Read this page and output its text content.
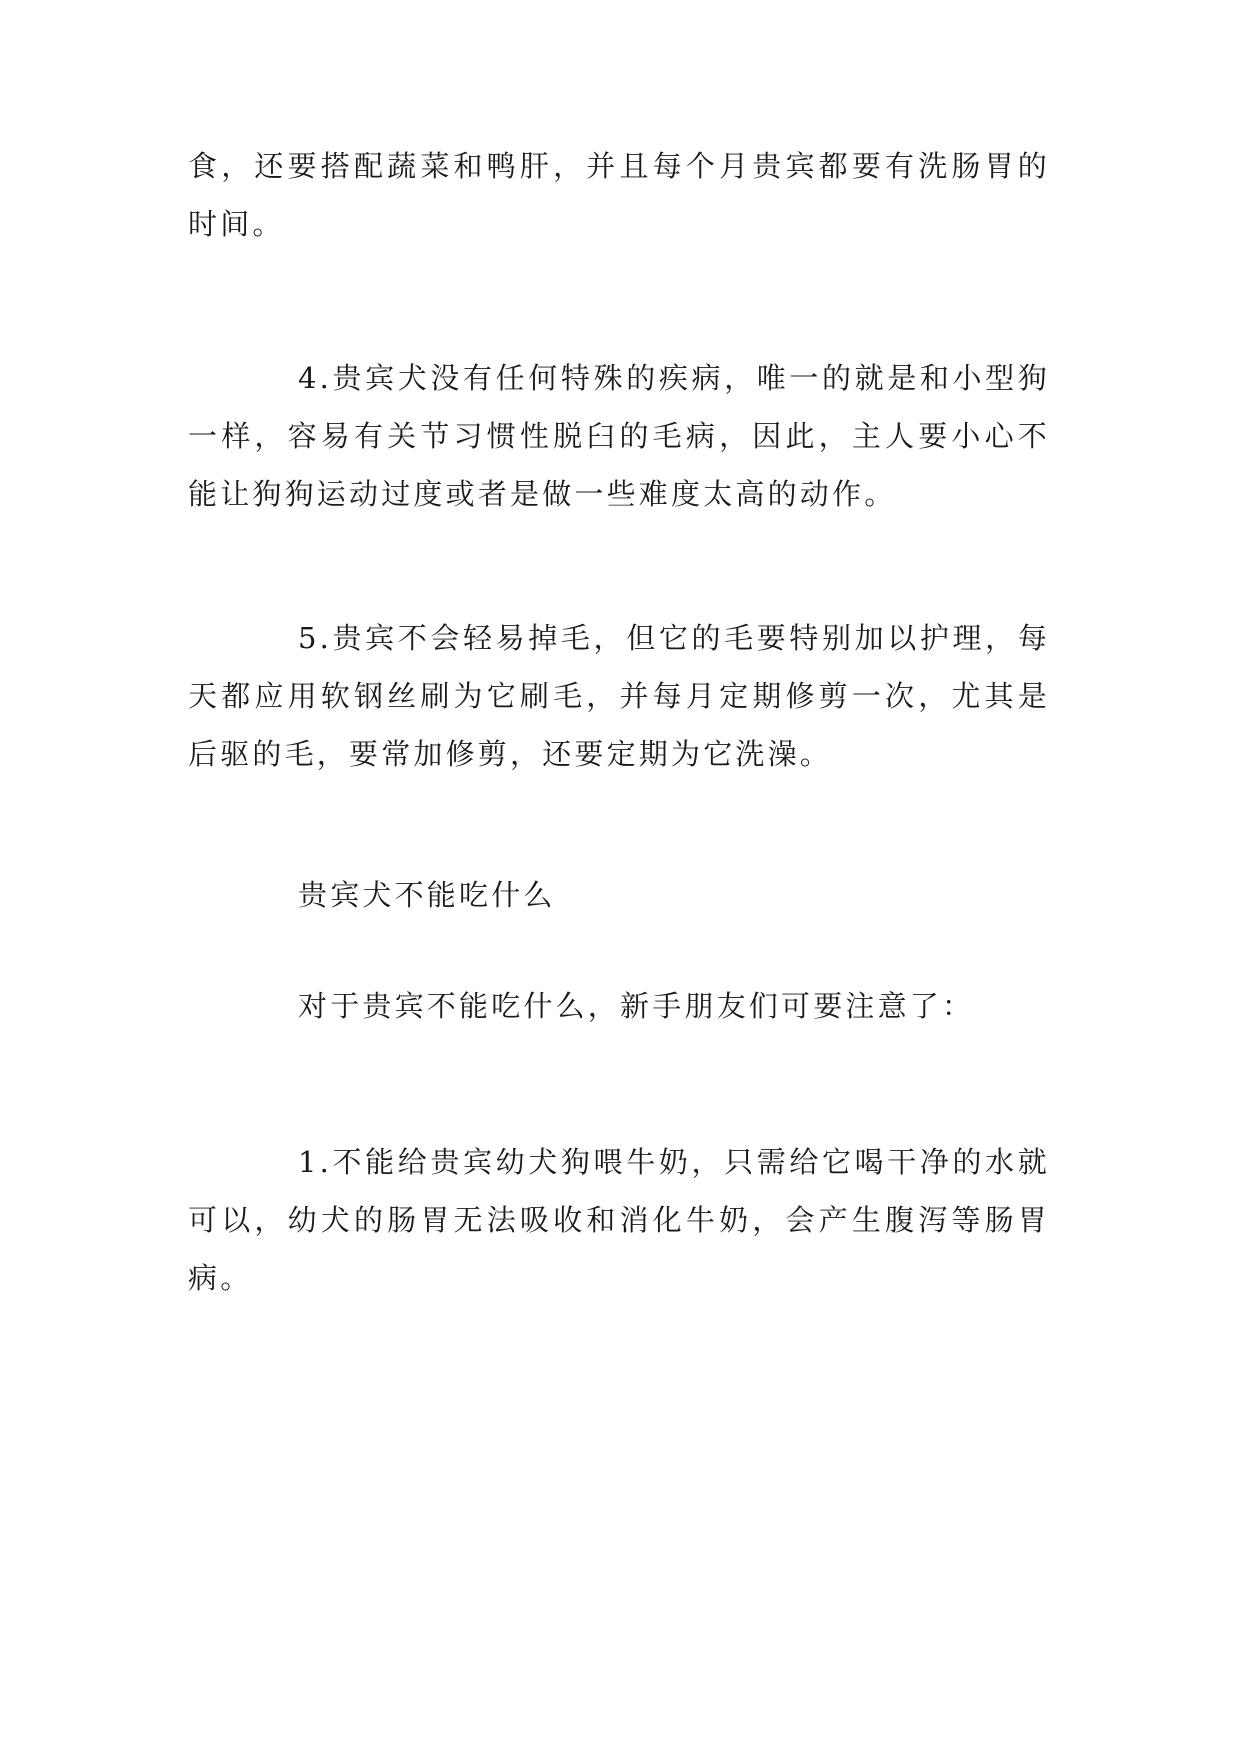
食，还要搭配蔬菜和鸭肝，并且每个月贵宾都要有洗肠胃的时间。

4.贵宾犬没有任何特殊的疾病，唯一的就是和小型狗一样，容易有关节习惯性脱臼的毛病，因此，主人要小心不能让狗狗运动过度或者是做一些难度太高的动作。

5.贵宾不会轻易掉毛，但它的毛要特别加以护理，每天都应用软钢丝刷为它刷毛，并每月定期修剪一次，尤其是后驱的毛，要常加修剪，还要定期为它洗澡。

贵宾犬不能吃什么

对于贵宾不能吃什么，新手朋友们可要注意了：

1.不能给贵宾幼犬狗喂牛奶，只需给它喝干净的水就可以，幼犬的肠胃无法吸收和消化牛奶，会产生腹泻等肠胃病。
